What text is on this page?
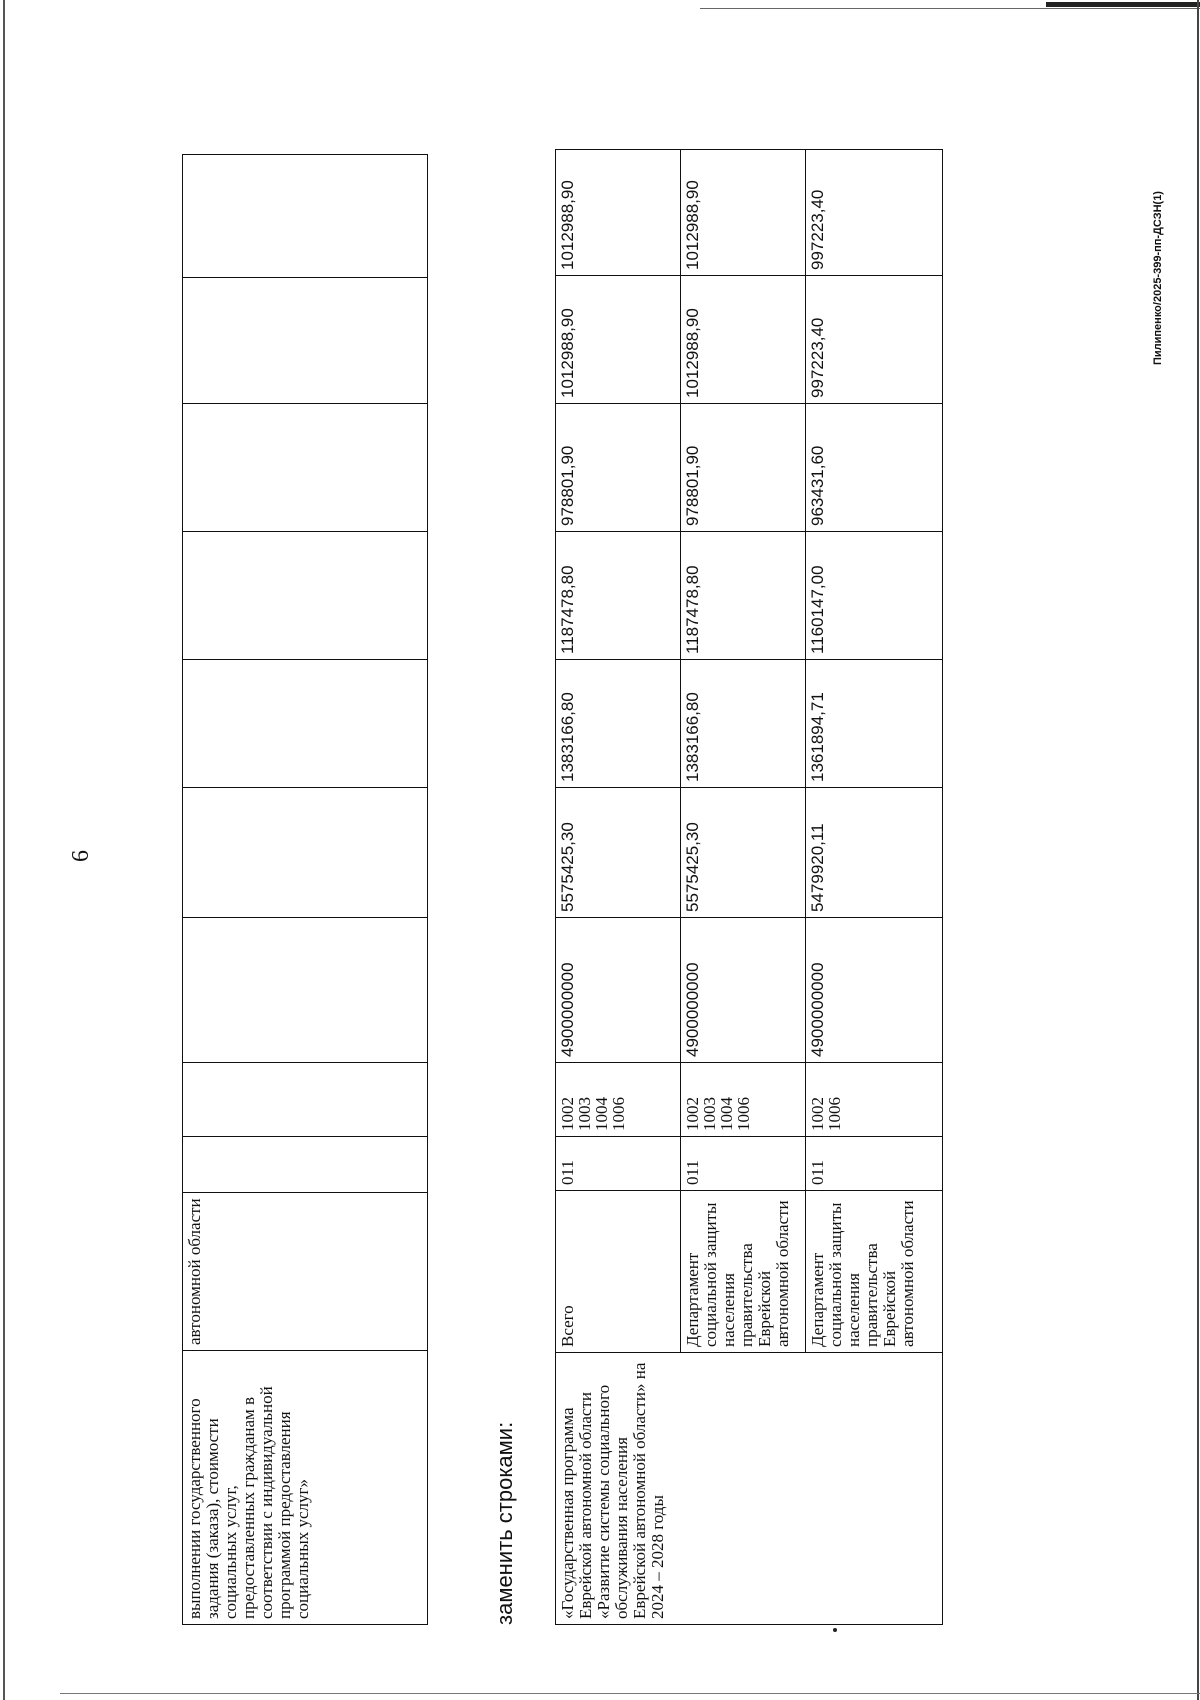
6
выполнении государственного задания (заказа), стоимости социальных услуг, предоставленных гражданам в соответствии с индивидуальной программой предоставления социальных услуг»	автономной области									
заменить строками: «Государственная программа Еврейской автономной области «Развитие системы социального обслуживания населения Еврейской автономной области» на 2024 – 2028 годы	Всего	011	1002
1003
1004
1006	4900000000	5575425,30	1383166,80	1187478,80	978801,90	1012988,90	1012988,90
	Департамент социальной защиты населения правительства Еврейской автономной области	011	1002
1003
1004
1006	4900000000	5575425,30	1383166,80	1187478,80	978801,90	1012988,90	1012988,90
	Департамент социальной защиты населения правительства Еврейской автономной области	011	1002
1006	4900000000	5479920,11	1361894,71	1160147,00	963431,60	997223,40	997223,40	Пилипенко/2025-399-пп-ДСЗН(1)
